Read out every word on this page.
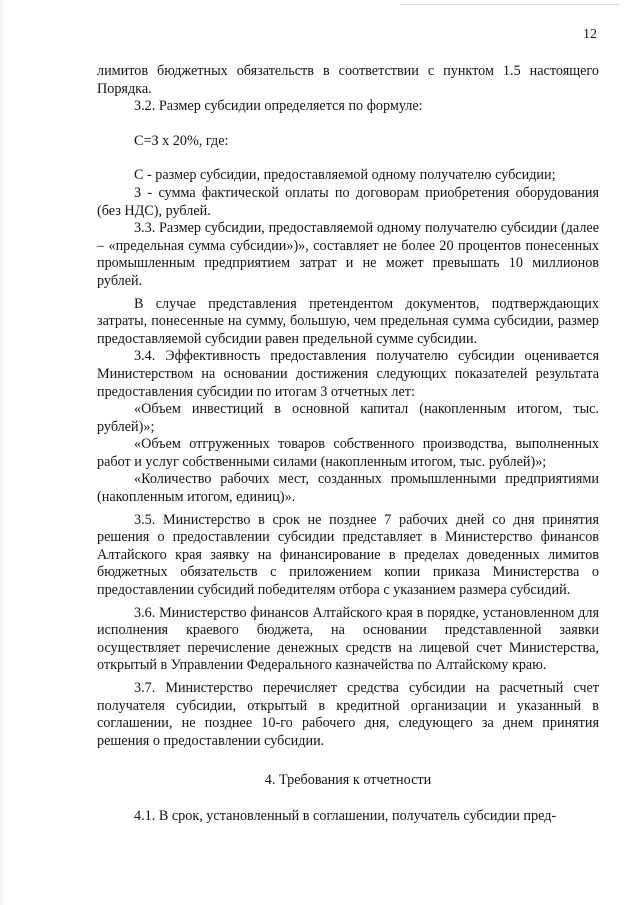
12

лимитов бюджетных обязательств в соответствии с пунктом 1.5 настоящего Порядка.

3.2. Размер субсидии определяется по формуле:

С=З х 20%, где:

С - размер субсидии, предоставляемой одному получателю субсидии;

З - сумма фактической оплаты по договорам приобретения оборудования (без НДС), рублей.

3.3. Размер субсидии, предоставляемой одному получателю субсидии (далее – «предельная сумма субсидии»)», составляет не более 20 процентов понесенных промышленным предприятием затрат и не может превышать 10 миллионов рублей.

В случае представления претендентом документов, подтверждающих затраты, понесенные на сумму, большую, чем предельная сумма субсидии, размер предоставляемой субсидии равен предельной сумме субсидии.

3.4. Эффективность предоставления получателю субсидии оценивается Министерством на основании достижения следующих показателей результата предоставления субсидии по итогам 3 отчетных лет:

«Объем инвестиций в основной капитал (накопленным итогом, тыс. рублей)»;

«Объем отгруженных товаров собственного производства, выполненных работ и услуг собственными силами (накопленным итогом, тыс. рублей)»;

«Количество рабочих мест, созданных промышленными предприятиями (накопленным итогом, единиц)».

3.5. Министерство в срок не позднее 7 рабочих дней со дня принятия решения о предоставлении субсидии представляет в Министерство финансов Алтайского края заявку на финансирование в пределах доведенных лимитов бюджетных обязательств с приложением копии приказа Министерства о предоставлении субсидий победителям отбора с указанием размера субсидий.

3.6. Министерство финансов Алтайского края в порядке, установленном для исполнения краевого бюджета, на основании представленной заявки осуществляет перечисление денежных средств на лицевой счет Министерства, открытый в Управлении Федерального казначейства по Алтайскому краю.

3.7. Министерство перечисляет средства субсидии на расчетный счет получателя субсидии, открытый в кредитной организации и указанный в соглашении, не позднее 10-го рабочего дня, следующего за днем принятия решения о предоставлении субсидии.

4. Требования к отчетности

4.1. В срок, установленный в соглашении, получатель субсидии пред-
